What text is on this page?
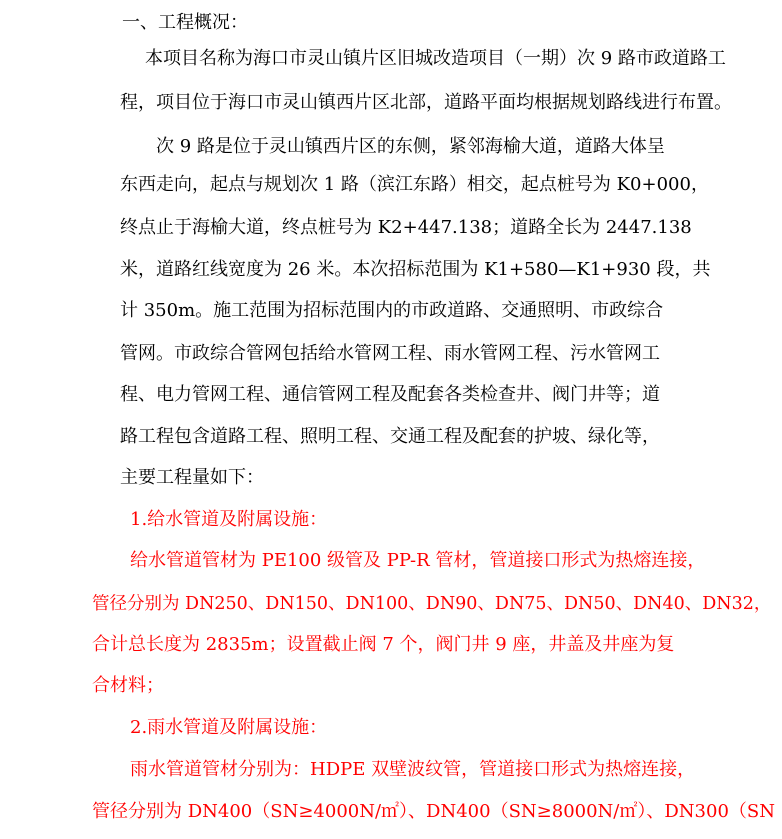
一、工程概况：
本项目名称为海口市灵山镇片区旧城改造项目（一期）次 9 路市政道路工
程，项目位于海口市灵山镇西片区北部，道路平面均根据规划路线进行布置。
次 9 路是位于灵山镇西片区的东侧，紧邻海榆大道，道路大体呈
东西走向，起点与规划次 1 路（滨江东路）相交，起点桩号为 K0+000，
终点止于海榆大道，终点桩号为 K2+447.138；道路全长为 2447.138
米，道路红线宽度为 26 米。本次招标范围为 K1+580—K1+930 段，共
计 350m。施工范围为招标范围内的市政道路、交通照明、市政综合
管网。市政综合管网包括给水管网工程、雨水管网工程、污水管网工
程、电力管网工程、通信管网工程及配套各类检查井、阀门井等；道
路工程包含道路工程、照明工程、交通工程及配套的护坡、绿化等，
主要工程量如下：
1.给水管道及附属设施：
给水管道管材为 PE100 级管及 PP-R 管材，管道接口形式为热熔连接，
管径分别为 DN250、DN150、DN100、DN90、DN75、DN50、DN40、DN32，
合计总长度为 2835m；设置截止阀 7 个，阀门井 9 座，井盖及井座为复
合材料；
2.雨水管道及附属设施：
雨水管道管材分别为：HDPE 双壁波纹管，管道接口形式为热熔连接，
管径分别为 DN400（SN≥4000N/㎡）、DN400（SN≥8000N/㎡）、DN300（SN
